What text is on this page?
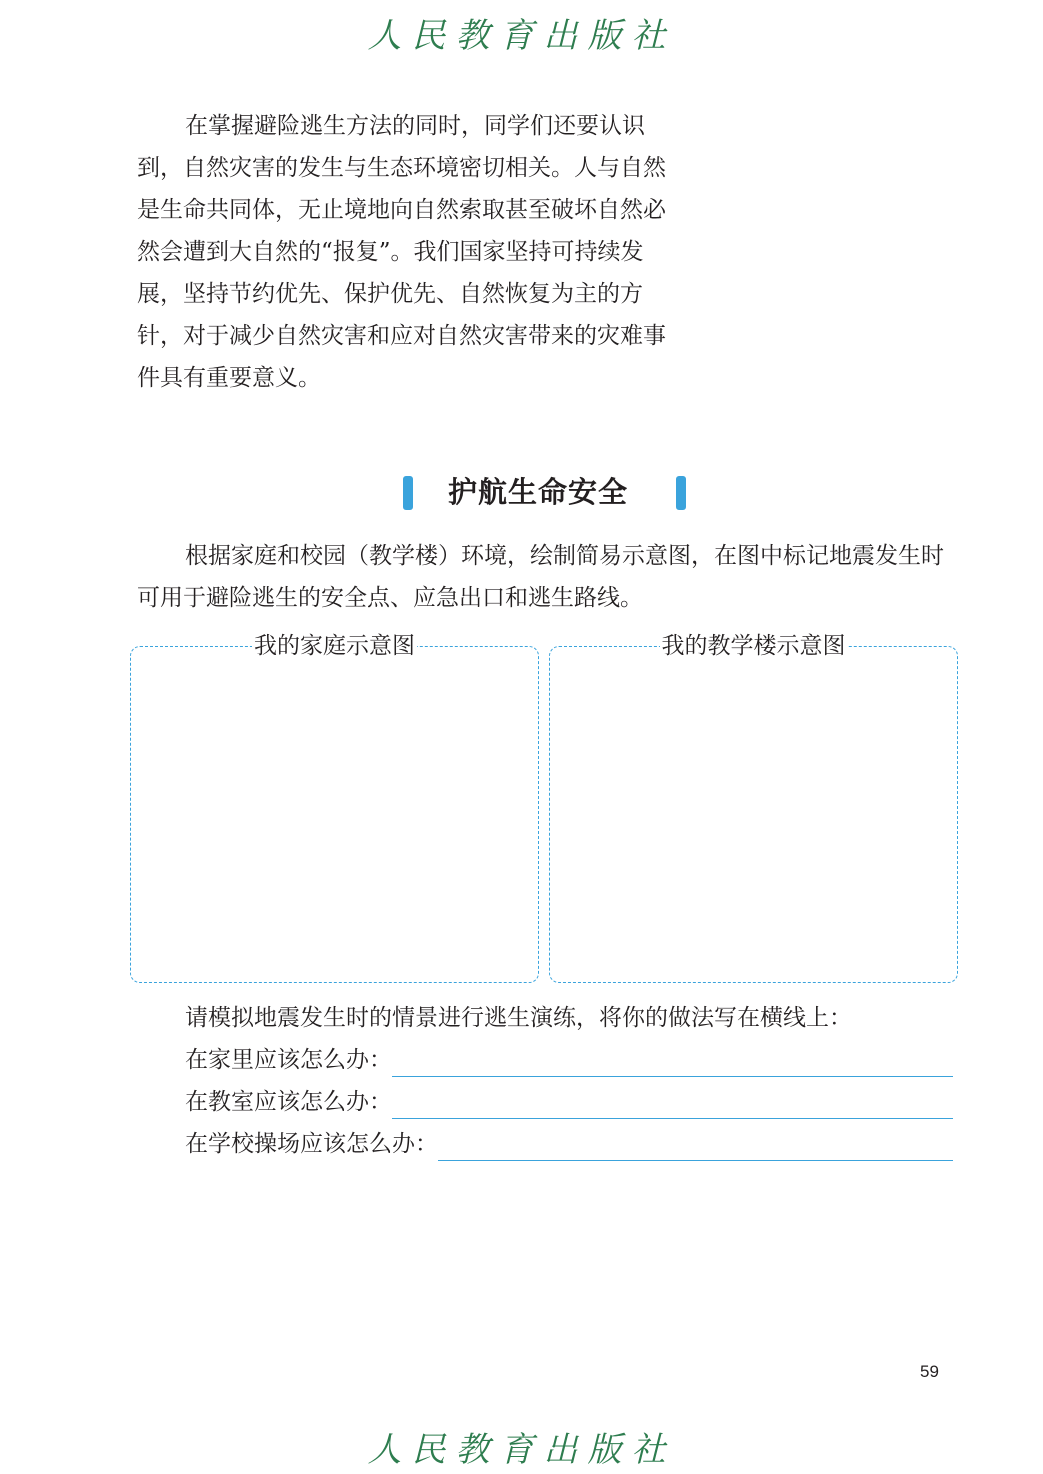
人民教育出版社

在掌握避险逃生方法的同时，同学们还要认识到，自然灾害的发生与生态环境密切相关。人与自然是生命共同体，无止境地向自然索取甚至破坏自然必然会遭到大自然的“报复”。我们国家坚持可持续发展，坚持节约优先、保护优先、自然恢复为主的方针，对于减少自然灾害和应对自然灾害带来的灾难事件具有重要意义。

护航生命安全

根据家庭和校园（教学楼）环境，绘制简易示意图，在图中标记地震发生时可用于避险逃生的安全点、应急出口和逃生路线。

我的家庭示意图	我的教学楼示意图
请模拟地震发生时的情景进行逃生演练，将你的做法写在横线上：
在家里应该怎么办：
在教室应该怎么办：
在学校操场应该怎么办：
59
人民教育出版社
